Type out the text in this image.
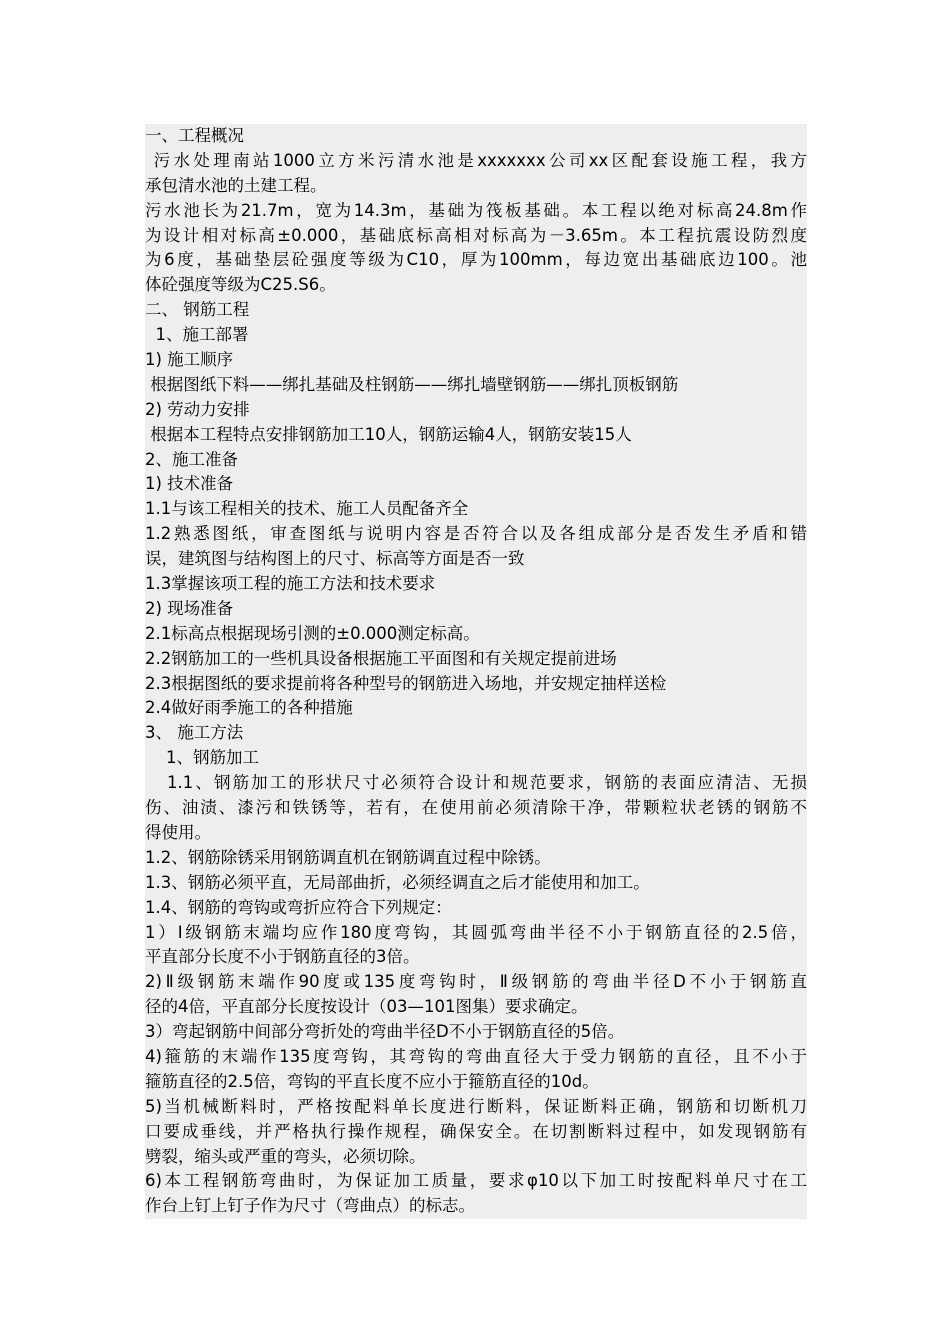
一、工程概况
污水处理南站1000立方米污清水池是xxxxxxx公司xx区配套设施工程，我方
承包清水池的土建工程。
污水池长为21.7m，宽为14.3m，基础为筏板基础。本工程以绝对标高24.8m作
为设计相对标高±0.000，基础底标高相对标高为－3.65m。本工程抗震设防烈度
为6度，基础垫层砼强度等级为C10，厚为100mm，每边宽出基础底边100。池
体砼强度等级为C25.S6。
二、 钢筋工程
1、施工部署
1) 施工顺序
根据图纸下料——绑扎基础及柱钢筋——绑扎墙壁钢筋——绑扎顶板钢筋
2) 劳动力安排
根据本工程特点安排钢筋加工10人，钢筋运输4人，钢筋安装15人
2、施工准备
1) 技术准备
1.1与该工程相关的技术、施工人员配备齐全
1.2熟悉图纸，审查图纸与说明内容是否符合以及各组成部分是否发生矛盾和错
误，建筑图与结构图上的尺寸、标高等方面是否一致
1.3掌握该项工程的施工方法和技术要求
2) 现场准备
2.1标高点根据现场引测的±0.000测定标高。
2.2钢筋加工的一些机具设备根据施工平面图和有关规定提前进场
2.3根据图纸的要求提前将各种型号的钢筋进入场地，并安规定抽样送检
2.4做好雨季施工的各种措施
3、 施工方法
1、钢筋加工
1.1、钢筋加工的形状尺寸必须符合设计和规范要求，钢筋的表面应清洁、无损
伤、油渍、漆污和铁锈等，若有，在使用前必须清除干净，带颗粒状老锈的钢筋不
得使用。
1.2、钢筋除锈采用钢筋调直机在钢筋调直过程中除锈。
1.3、钢筋必须平直，无局部曲折，必须经调直之后才能使用和加工。
1.4、钢筋的弯钩或弯折应符合下列规定：
1）Ⅰ级钢筋末端均应作180度弯钩，其圆弧弯曲半径不小于钢筋直径的2.5倍，
平直部分长度不小于钢筋直径的3倍。
2)Ⅱ级钢筋末端作90度或135度弯钩时，Ⅱ级钢筋的弯曲半径D不小于钢筋直
径的4倍，平直部分长度按设计（03—101图集）要求确定。
3）弯起钢筋中间部分弯折处的弯曲半径D不小于钢筋直径的5倍。
4)箍筋的末端作135度弯钩，其弯钩的弯曲直径大于受力钢筋的直径，且不小于
箍筋直径的2.5倍，弯钩的平直长度不应小于箍筋直径的10d。
5)当机械断料时，严格按配料单长度进行断料，保证断料正确，钢筋和切断机刀
口要成垂线，并严格执行操作规程，确保安全。在切割断料过程中，如发现钢筋有
劈裂，缩头或严重的弯头，必须切除。
6)本工程钢筋弯曲时，为保证加工质量，要求φ10以下加工时按配料单尺寸在工
作台上钉上钉子作为尺寸（弯曲点）的标志。
